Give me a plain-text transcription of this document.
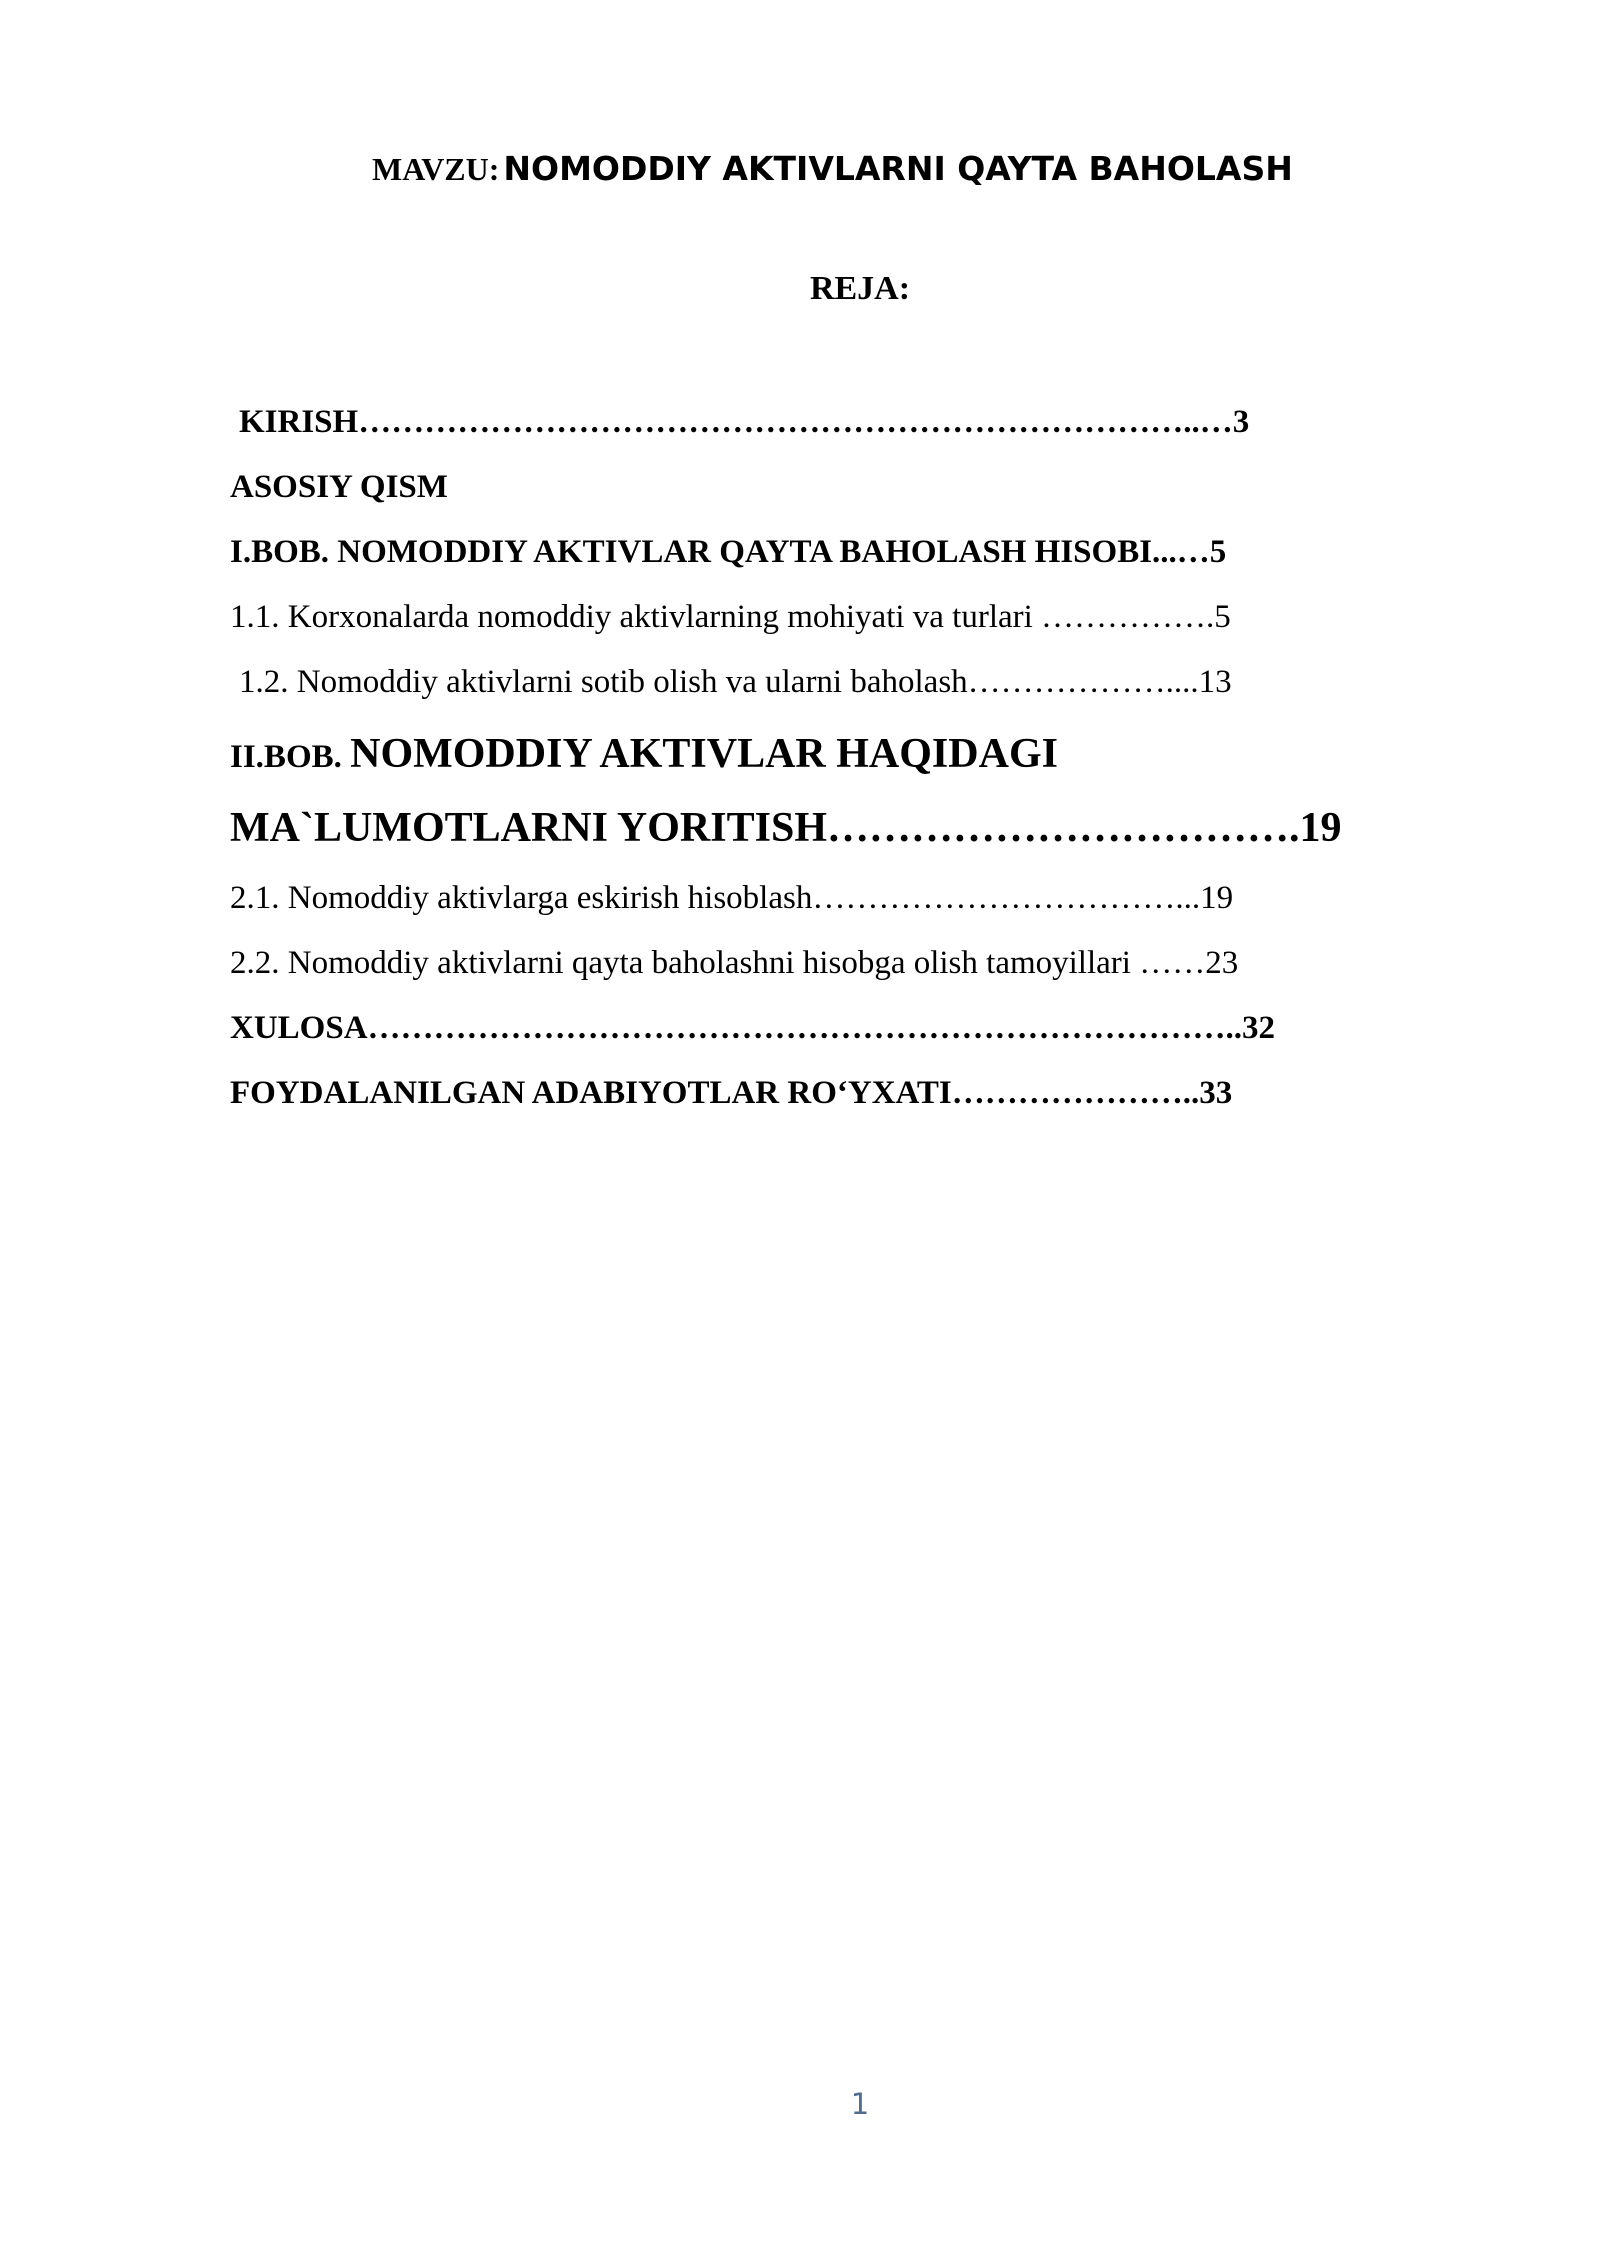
MAVZU: NOMODDIY AKTIVLARNI QAYTA BAHOLASH
REJA:
KIRISH…………………………………………………………………..…3
ASOSIY QISM
I.BOB. NOMODDIY AKTIVLAR QAYTA BAHOLASH HISOBI...…5
1.1. Korxonalarda nomoddiy aktivlarning mohiyati va turlari …………….5
1.2. Nomoddiy aktivlarni sotib olish va ularni baholash………………....13
II.BOB. NOMODDIY AKTIVLAR HAQIDAGI
MA`LUMOTLARNI YORITISH…………………………….19
2.1. Nomoddiy aktivlarga eskirish hisoblash……………………………...19
2.2. Nomoddiy aktivlarni qayta baholashni hisobga olish tamoyillari ……23
XULOSA……………………………………………………………………..32
FOYDALANILGAN ADABIYOTLAR RO‘YXATI…………………..33
1
